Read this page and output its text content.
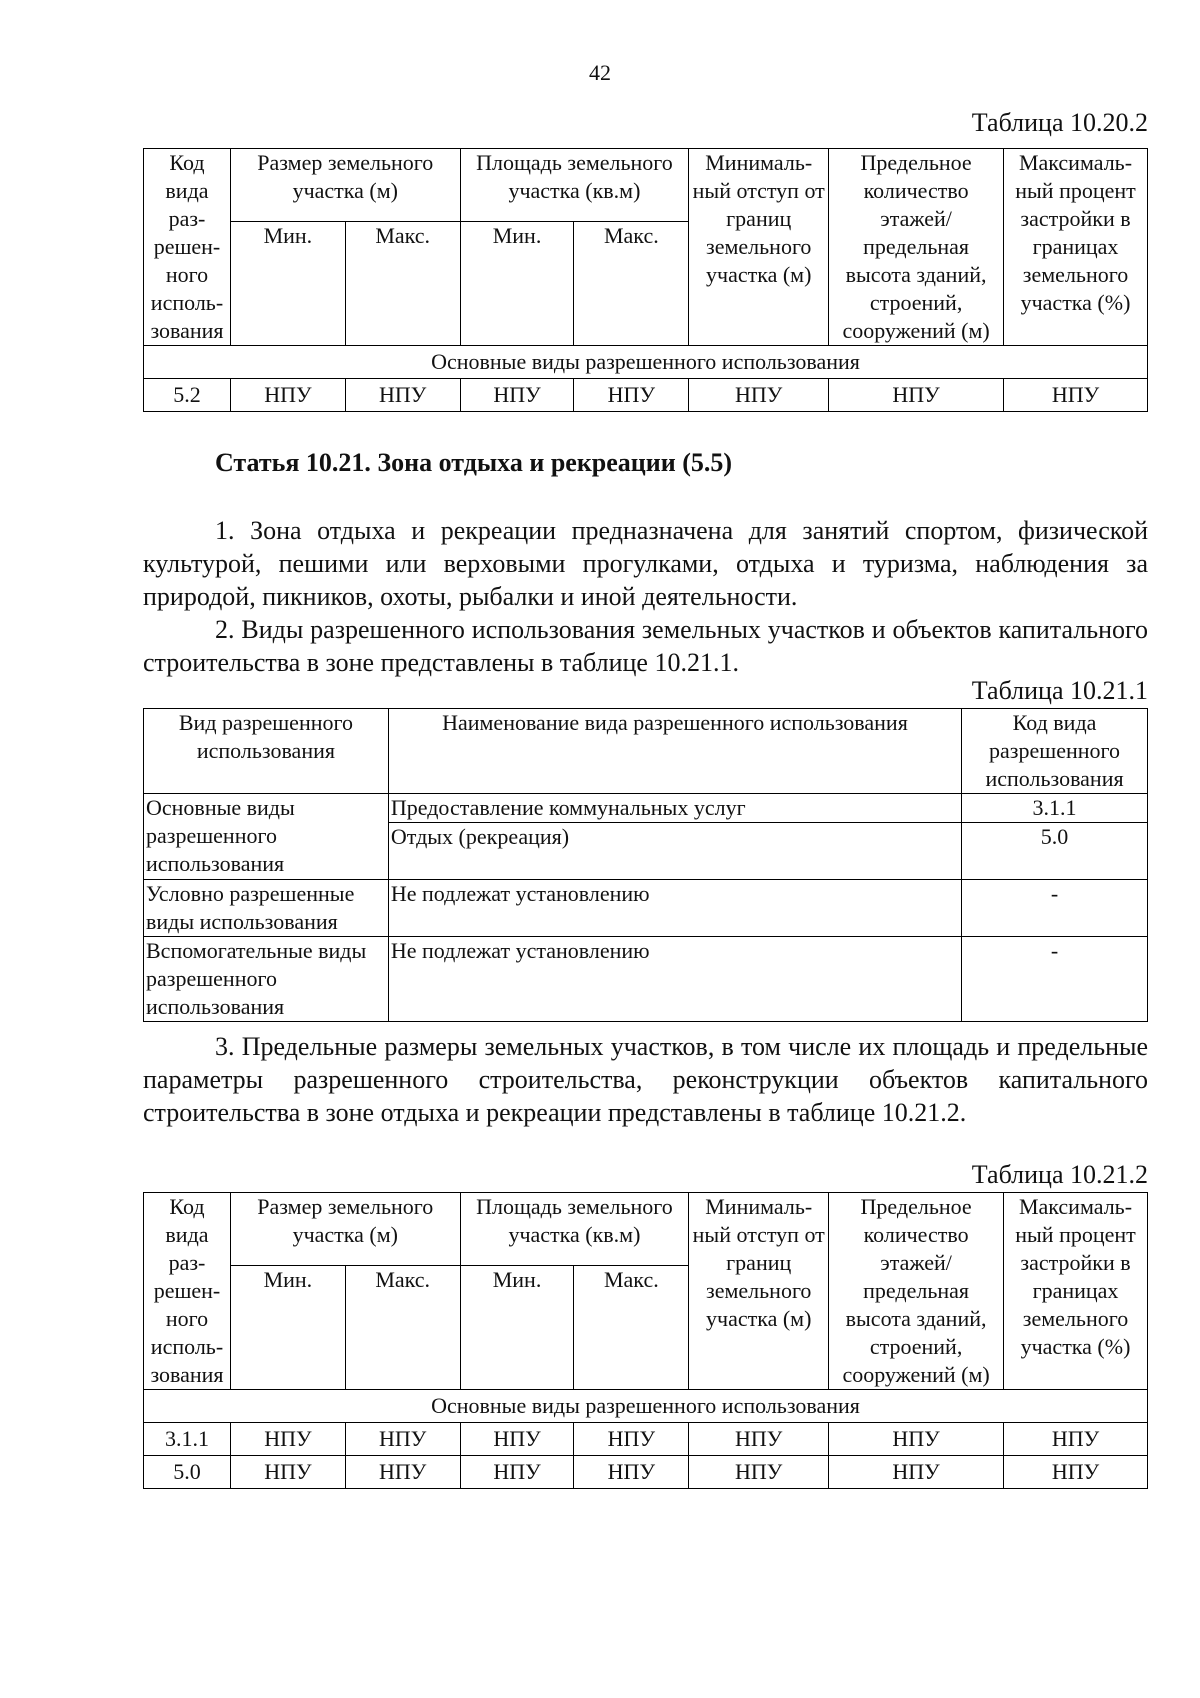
42
Таблица 10.20.2
Код вида раз-решен-ного исполь-зования	Размер земельного участка (м)		Площадь земельного участка (кв.м)		Минималь-ный отступ от границ земельного участка (м)	Предельное количество этажей/ предельная высота зданий, строений, сооружений (м)	Максималь-ный процент застройки в границах земельного участка (%)
	Мин.	Макс.	Мин.	Макс.			
Основные виды разрешенного использования							
5.2	НПУ	НПУ	НПУ	НПУ	НПУ	НПУ	НПУ
Статья 10.21. Зона отдыха и рекреации (5.5)
1. Зона отдыха и рекреации предназначена для занятий спортом, физической культурой, пешими или верховыми прогулками, отдыха и туризма, наблюдения за природой, пикников, охоты, рыбалки и иной деятельности.
2. Виды разрешенного использования земельных участков и объектов капитального строительства в зоне представлены в таблице 10.21.1.
Таблица 10.21.1
Вид разрешенного использования	Наименование вида разрешенного использования	Код вида разрешенного использования
Основные виды разрешенного использования	Предоставление коммунальных услуг	3.1.1
	Отдых (рекреация)	5.0
Условно разрешенные виды использования	Не подлежат установлению	-
Вспомогательные виды разрешенного использования	Не подлежат установлению	-
3. Предельные размеры земельных участков, в том числе их площадь и предельные параметры разрешенного строительства, реконструкции объектов капитального строительства в зоне отдыха и рекреации представлены в таблице 10.21.2.
Таблица 10.21.2
Код вида раз-решен-ного исполь-зования	Размер земельного участка (м)		Площадь земельного участка (кв.м)		Минималь-ный отступ от границ земельного участка (м)	Предельное количество этажей/ предельная высота зданий, строений, сооружений (м)	Максималь-ный процент застройки в границах земельного участка (%)
	Мин.	Макс.	Мин.	Макс.			
Основные виды разрешенного использования							
3.1.1	НПУ	НПУ	НПУ	НПУ	НПУ	НПУ	НПУ
5.0	НПУ	НПУ	НПУ	НПУ	НПУ	НПУ	НПУ
